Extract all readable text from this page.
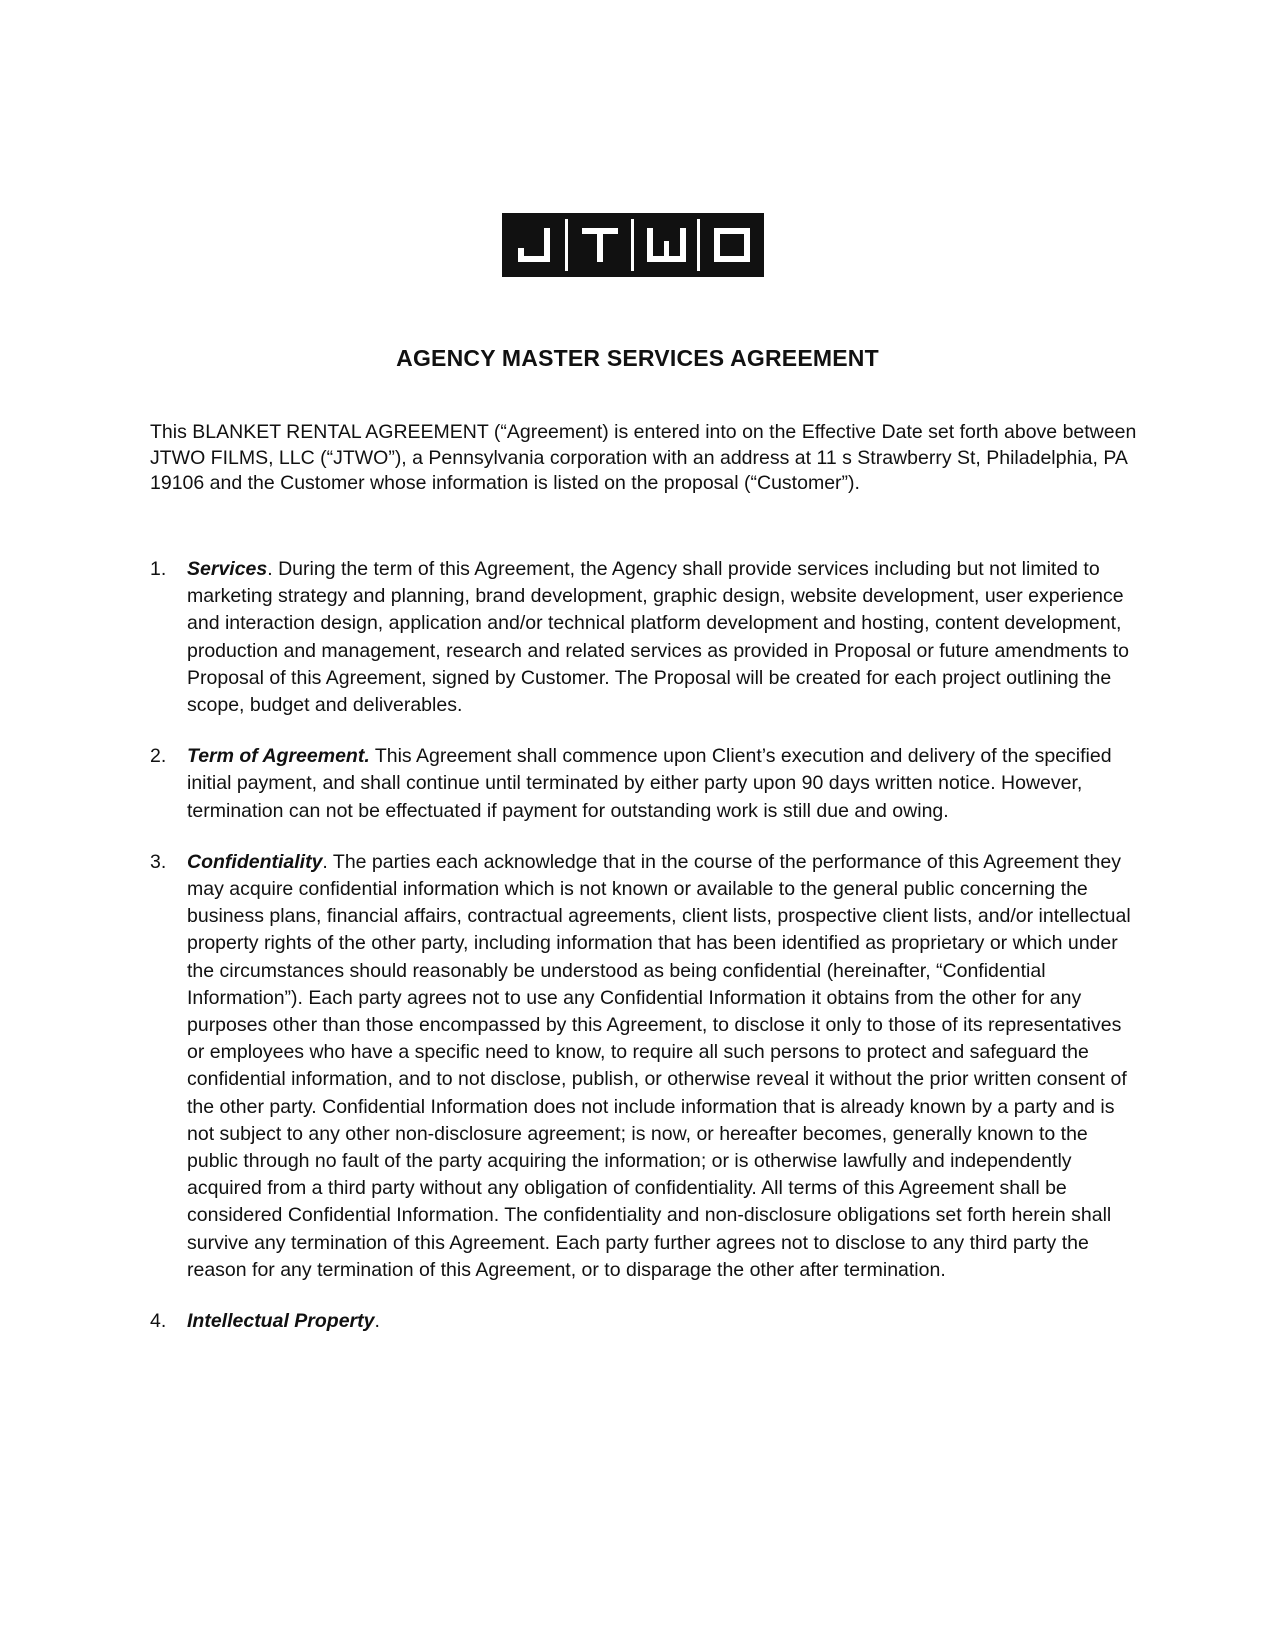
AGENCY MASTER SERVICES AGREEMENT

This BLANKET RENTAL AGREEMENT (“Agreement) is entered into on the Effective Date set forth above between JTWO FILMS, LLC (“JTWO”), a Pennsylvania corporation with an address at 11 s Strawberry St, Philadelphia, PA 19106 and the Customer whose information is listed on the proposal (“Customer”).

1. Services. During the term of this Agreement, the Agency shall provide services including but not limited to marketing strategy and planning, brand development, graphic design, website development, user experience and interaction design, application and/or technical platform development and hosting, content development, production and management, research and related services as provided in Proposal or future amendments to Proposal of this Agreement, signed by Customer. The Proposal will be created for each project outlining the scope, budget and deliverables.
2. Term of Agreement. This Agreement shall commence upon Client’s execution and delivery of the specified initial payment, and shall continue until terminated by either party upon 90 days written notice. However, termination can not be effectuated if payment for outstanding work is still due and owing.
3. Confidentiality. The parties each acknowledge that in the course of the performance of this Agreement they may acquire confidential information which is not known or available to the general public concerning the business plans, financial affairs, contractual agreements, client lists, prospective client lists, and/or intellectual property rights of the other party, including information that has been identified as proprietary or which under the circumstances should reasonably be understood as being confidential (hereinafter, “Confidential Information”). Each party agrees not to use any Confidential Information it obtains from the other for any purposes other than those encompassed by this Agreement, to disclose it only to those of its representatives or employees who have a specific need to know, to require all such persons to protect and safeguard the confidential information, and to not disclose, publish, or otherwise reveal it without the prior written consent of the other party. Confidential Information does not include information that is already known by a party and is not subject to any other non-disclosure agreement; is now, or hereafter becomes, generally known to the public through no fault of the party acquiring the information; or is otherwise lawfully and independently acquired from a third party without any obligation of confidentiality. All terms of this Agreement shall be considered Confidential Information. The confidentiality and non-disclosure obligations set forth herein shall survive any termination of this Agreement. Each party further agrees not to disclose to any third party the reason for any termination of this Agreement, or to disparage the other after termination.
4. Intellectual Property.
